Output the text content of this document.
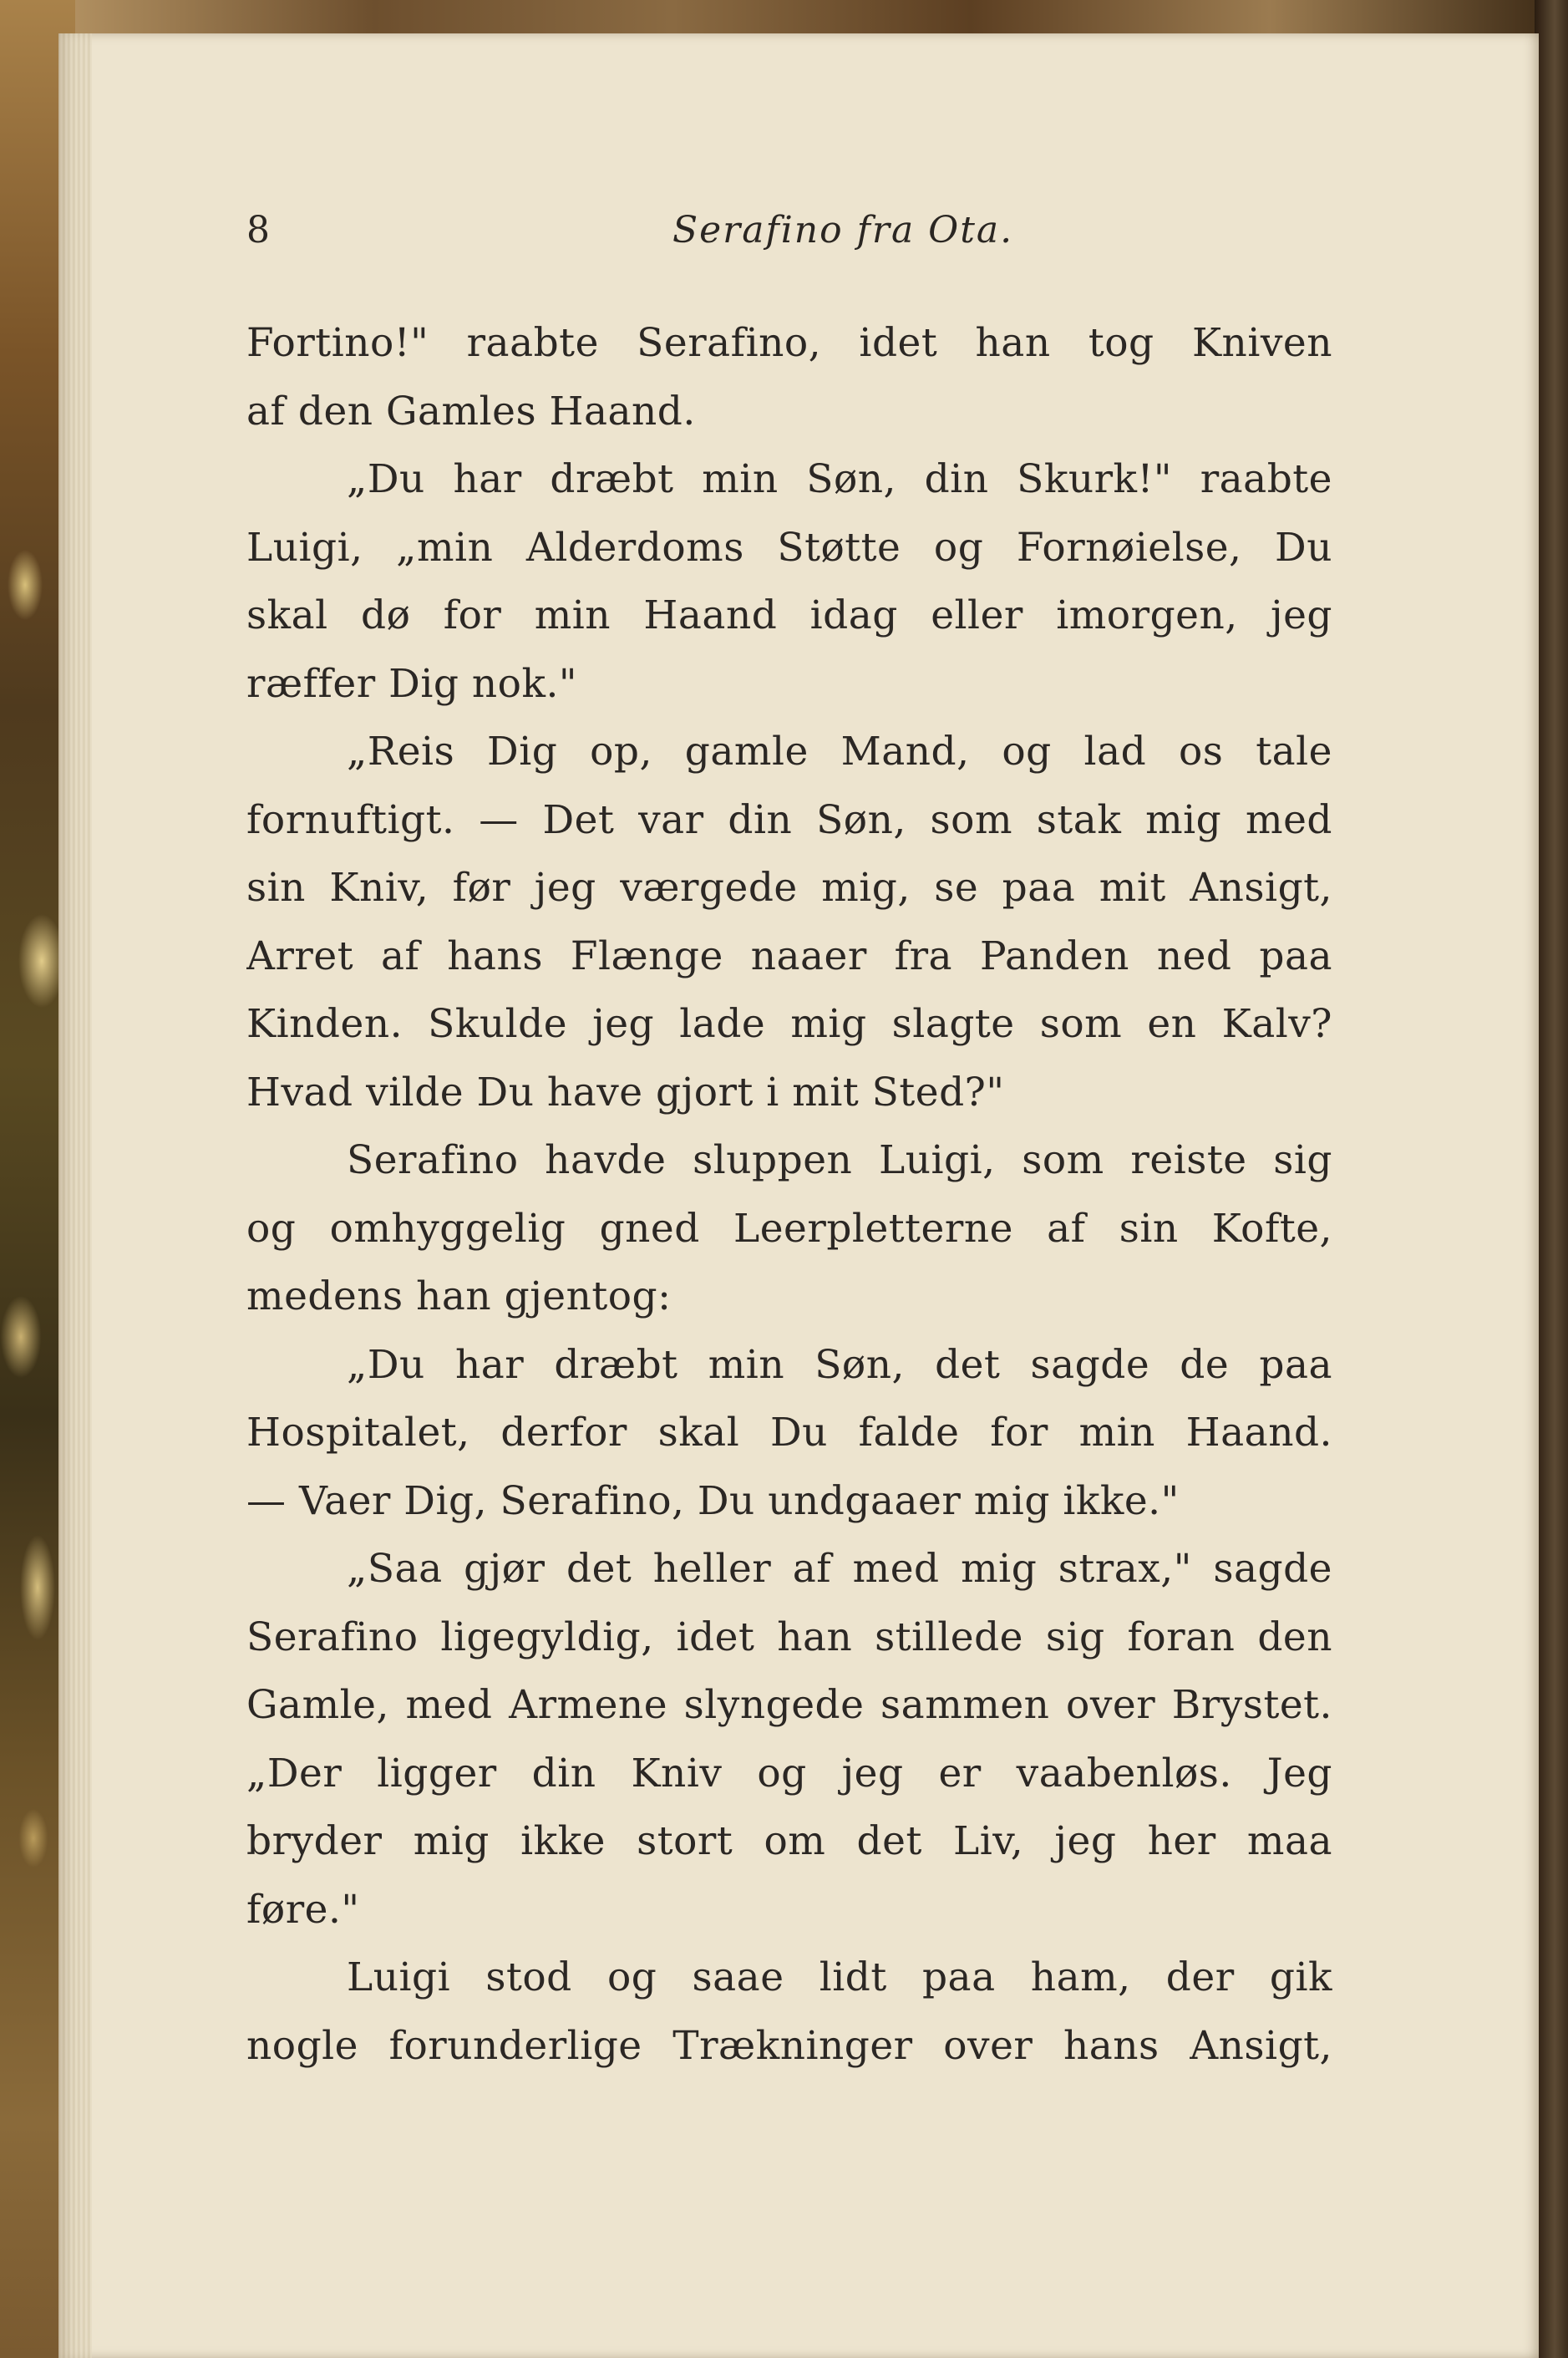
8	Serafino fra Ota.
Fortino!" raabte Serafino, idet han tog Kniven
af den Gamles Haand.
„Du har dræbt min Søn, din Skurk!" raabte
Luigi, „min Alderdoms Støtte og Fornøielse, Du
skal dø for min Haand idag eller imorgen, jeg
ræffer Dig nok."
„Reis Dig op, gamle Mand, og lad os tale
fornuftigt. — Det var din Søn, som stak mig med
sin Kniv, før jeg værgede mig, se paa mit Ansigt,
Arret af hans Flænge naaer fra Panden ned paa
Kinden. Skulde jeg lade mig slagte som en Kalv?
Hvad vilde Du have gjort i mit Sted?"
Serafino havde sluppen Luigi, som reiste sig
og omhyggelig gned Leerpletterne af sin Kofte,
medens han gjentog:
„Du har dræbt min Søn, det sagde de paa
Hospitalet, derfor skal Du falde for min Haand.
— Vaer Dig, Serafino, Du undgaaer mig ikke."
„Saa gjør det heller af med mig strax," sagde
Serafino ligegyldig, idet han stillede sig foran den
Gamle, med Armene slyngede sammen over Brystet.
„Der ligger din Kniv og jeg er vaabenløs. Jeg
bryder mig ikke stort om det Liv, jeg her maa
føre."
Luigi stod og saae lidt paa ham, der gik
nogle forunderlige Trækninger over hans Ansigt,
